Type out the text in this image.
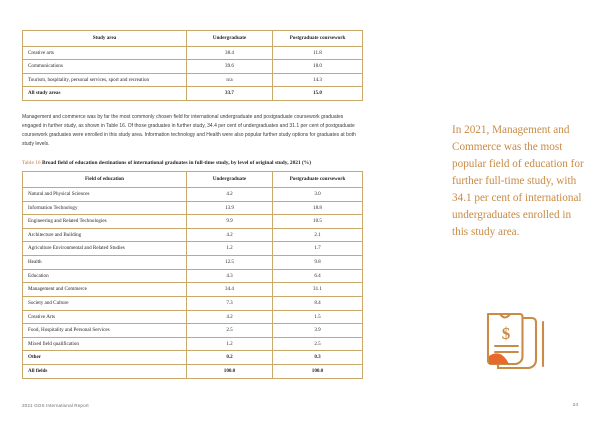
Study area	Undergraduate	Postgraduate coursework
Creative arts	38.4	11.8
Communications	39.6	18.0
Tourism, hospitality, personal services, sport and recreation	n/a	14.3
All study areas	33.7	15.0

Management and commerce was by far the most commonly chosen field for international undergraduate and postgraduate coursework graduates engaged in further study, as shown in Table 16. Of those graduates in further study, 34.4 per cent of undergraduates and 31.1 per cent of postgraduate coursework graduates were enrolled in this study area. Information technology and Health were also popular further study options for graduates at both study levels.

Table 16 Broad field of education destinations of international graduates in full-time study, by level of original study, 2021 (%)
Field of education	Undergraduate	Postgraduate coursework
Natural and Physical Sciences	4.2	3.0
Information Technology	13.9	18.8
Engineering and Related Technologies	9.9	10.5
Architecture and Building	4.2	2.1
Agriculture Environmental and Related Studies	1.2	1.7
Health	12.5	9.8
Education	4.3	6.4
Management and Commerce	34.4	31.1
Society and Culture	7.3	8.4
Creative Arts	4.2	1.5
Food, Hospitality and Personal Services	2.5	3.9
Mixed field qualification	1.2	2.5
Other	0.2	0.3
All fields	100.0	100.0
In 2021, Management and Commerce was the most popular field of education for further full-time study, with 34.1 per cent of international undergraduates enrolled in this study area.
$
2021 GOS International Report	24
